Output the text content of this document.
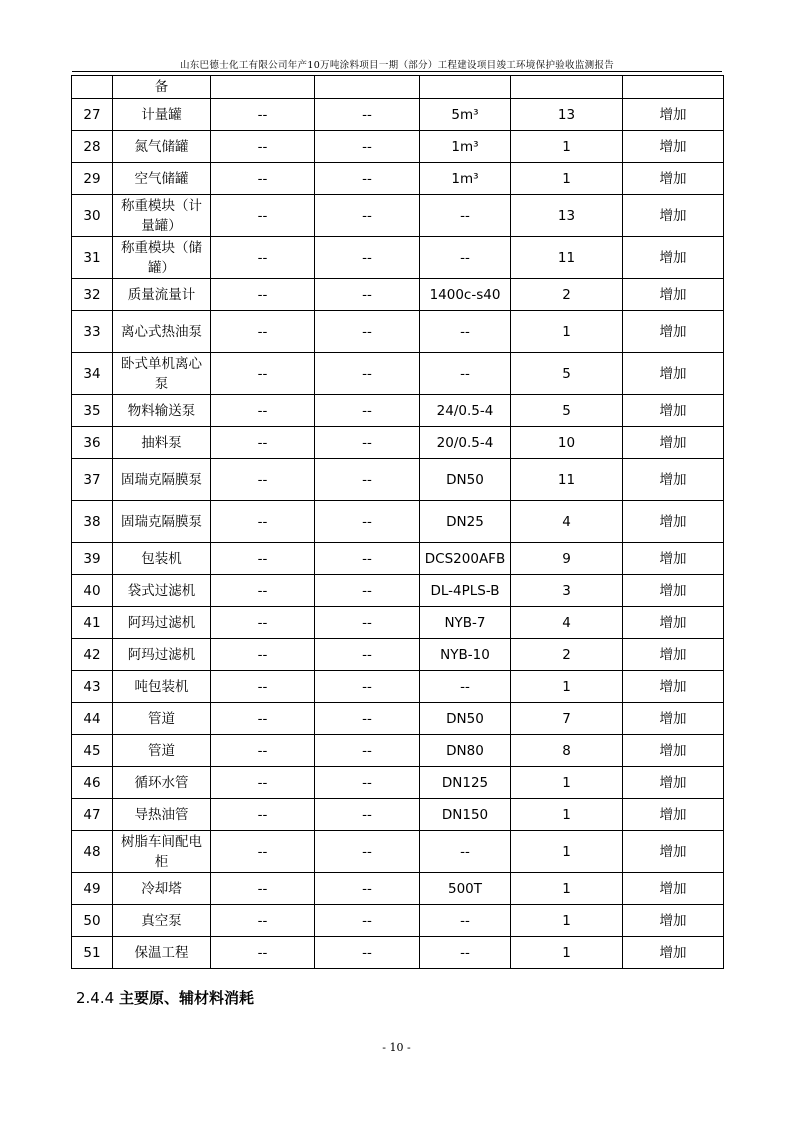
山东巴德士化工有限公司年产10万吨涂料项目一期（部分）工程建设项目竣工环境保护验收监测报告
	备					
27	计量罐	--	--	5m³	13	增加
28	氮气储罐	--	--	1m³	1	增加
29	空气储罐	--	--	1m³	1	增加
30	称重模块（计量罐）	--	--	--	13	增加
31	称重模块（储罐）	--	--	--	11	增加
32	质量流量计	--	--	1400c-s40	2	增加
33	离心式热油泵	--	--	--	1	增加
34	卧式单机离心泵	--	--	--	5	增加
35	物料输送泵	--	--	24/0.5-4	5	增加
36	抽料泵	--	--	20/0.5-4	10	增加
37	固瑞克隔膜泵	--	--	DN50	11	增加
38	固瑞克隔膜泵	--	--	DN25	4	增加
39	包装机	--	--	DCS200AFB	9	增加
40	袋式过滤机	--	--	DL-4PLS-B	3	增加
41	阿玛过滤机	--	--	NYB-7	4	增加
42	阿玛过滤机	--	--	NYB-10	2	增加
43	吨包装机	--	--	--	1	增加
44	管道	--	--	DN50	7	增加
45	管道	--	--	DN80	8	增加
46	循环水管	--	--	DN125	1	增加
47	导热油管	--	--	DN150	1	增加
48	树脂车间配电柜	--	--	--	1	增加
49	冷却塔	--	--	500T	1	增加
50	真空泵	--	--	--	1	增加
51	保温工程	--	--	--	1	增加
2.4.4 主要原、辅材料消耗
- 10 -
